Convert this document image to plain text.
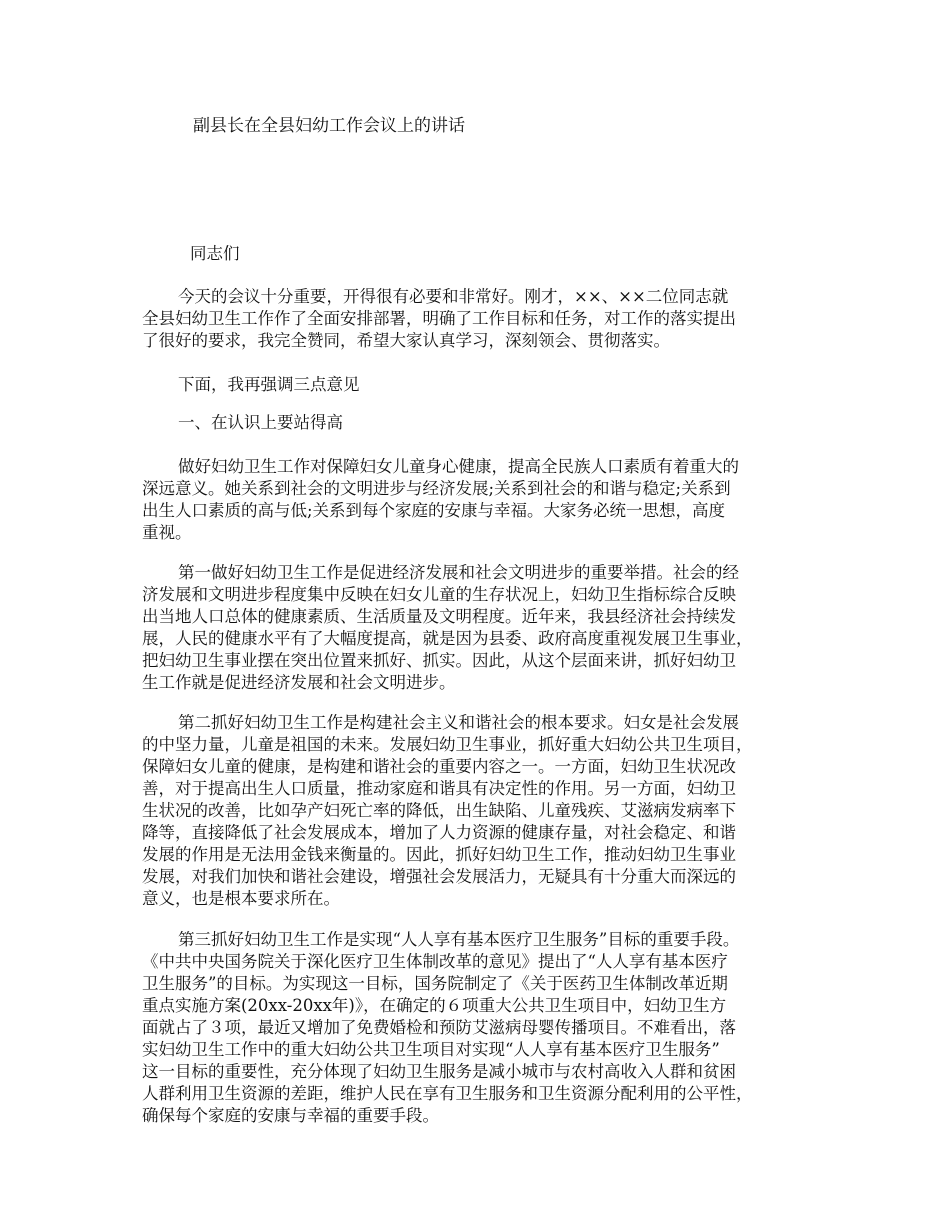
副县长在全县妇幼工作会议上的讲话

同志们

今天的会议十分重要，开得很有必要和非常好。刚才，××、××二位同志就

全县妇幼卫生工作作了全面安排部署，明确了工作目标和任务，对工作的落实提出

了很好的要求，我完全赞同，希望大家认真学习，深刻领会、贯彻落实。

下面，我再强调三点意见

一、在认识上要站得高

做好妇幼卫生工作对保障妇女儿童身心健康，提高全民族人口素质有着重大的

深远意义。她关系到社会的文明进步与经济发展;关系到社会的和谐与稳定;关系到

出生人口素质的高与低;关系到每个家庭的安康与幸福。大家务必统一思想，高度

重视。

第一做好妇幼卫生工作是促进经济发展和社会文明进步的重要举措。社会的经

济发展和文明进步程度集中反映在妇女儿童的生存状况上，妇幼卫生指标综合反映

出当地人口总体的健康素质、生活质量及文明程度。近年来，我县经济社会持续发

展，人民的健康水平有了大幅度提高，就是因为县委、政府高度重视发展卫生事业，

把妇幼卫生事业摆在突出位置来抓好、抓实。因此，从这个层面来讲，抓好妇幼卫

生工作就是促进经济发展和社会文明进步。

第二抓好妇幼卫生工作是构建社会主义和谐社会的根本要求。妇女是社会发展

的中坚力量，儿童是祖国的未来。发展妇幼卫生事业，抓好重大妇幼公共卫生项目，

保障妇女儿童的健康，是构建和谐社会的重要内容之一。一方面，妇幼卫生状况改

善，对于提高出生人口质量，推动家庭和谐具有决定性的作用。另一方面，妇幼卫

生状况的改善，比如孕产妇死亡率的降低，出生缺陷、儿童残疾、艾滋病发病率下

降等，直接降低了社会发展成本，增加了人力资源的健康存量，对社会稳定、和谐

发展的作用是无法用金钱来衡量的。因此，抓好妇幼卫生工作，推动妇幼卫生事业

发展，对我们加快和谐社会建设，增强社会发展活力，无疑具有十分重大而深远的

意义，也是根本要求所在。

第三抓好妇幼卫生工作是实现“人人享有基本医疗卫生服务”目标的重要手段。

《中共中央国务院关于深化医疗卫生体制改革的意见》提出了“人人享有基本医疗

卫生服务”的目标。为实现这一目标，国务院制定了《关于医药卫生体制改革近期

重点实施方案(20xx-20xx年)》，在确定的６项重大公共卫生项目中，妇幼卫生方

面就占了３项，最近又增加了免费婚检和预防艾滋病母婴传播项目。不难看出，落

实妇幼卫生工作中的重大妇幼公共卫生项目对实现“人人享有基本医疗卫生服务”

这一目标的重要性，充分体现了妇幼卫生服务是减小城市与农村高收入人群和贫困

人群利用卫生资源的差距，维护人民在享有卫生服务和卫生资源分配利用的公平性，

确保每个家庭的安康与幸福的重要手段。
